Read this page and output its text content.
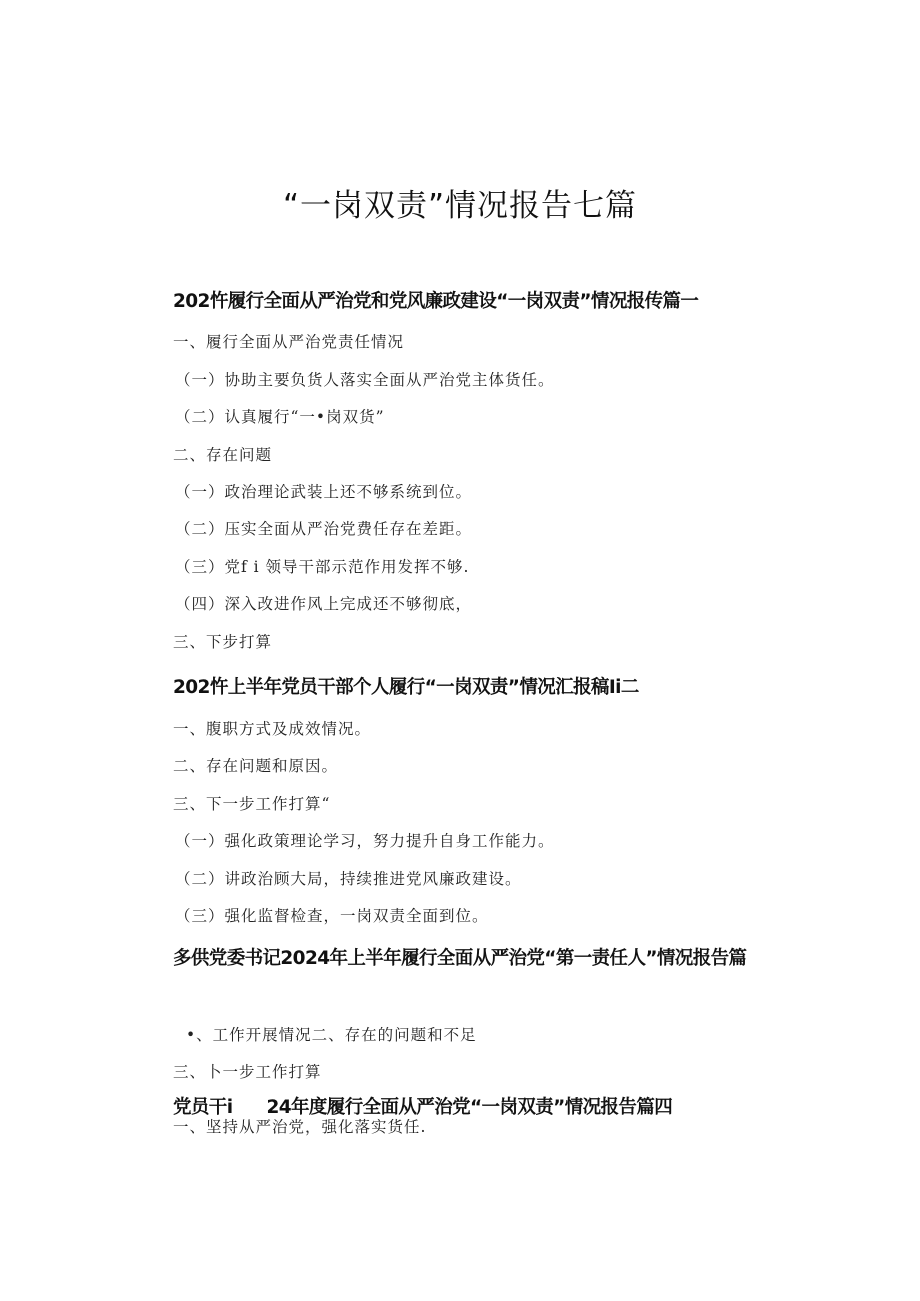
“一岗双责”情况报告七篇
202忤履行全面从严治党和党风廉政建设“一岗双责”情况报传篇一
一、履行全面从严治党责任情况
（一）协助主要负货人落实全面从严治党主体货任。
（二）认真履行“一•岗双货”
二、存在问题
（一）政治理论武装上还不够系统到位。
（二）压实全面从严治党费任存在差距。
（三）党f i 领导干部示范作用发挥不够.
（四）深入改进作风上完成还不够彻底，
三、下步打算
202忤上半年党员干部个人履行“一岗双责”情况汇报稿Ii二
一、腹职方式及成效情况。
二、存在问题和原因。
三、下一步工作打算“
（一）强化政策理论学习，努力提升自身工作能力。
（二）讲政治顾大局，持续推进党风廉政建设。
（三）强化监督检查，一岗双责全面到位。
多供党委书记2024年上半年履行全面从严治党“第一责任人”情况报告篇
•、工作开展情况二、存在的问题和不足
三、卜一步工作打算
党员干i 24年度履行全面从严治党“一岗双责”情况报告篇四
一、坚持从严治党，强化落实货任.
